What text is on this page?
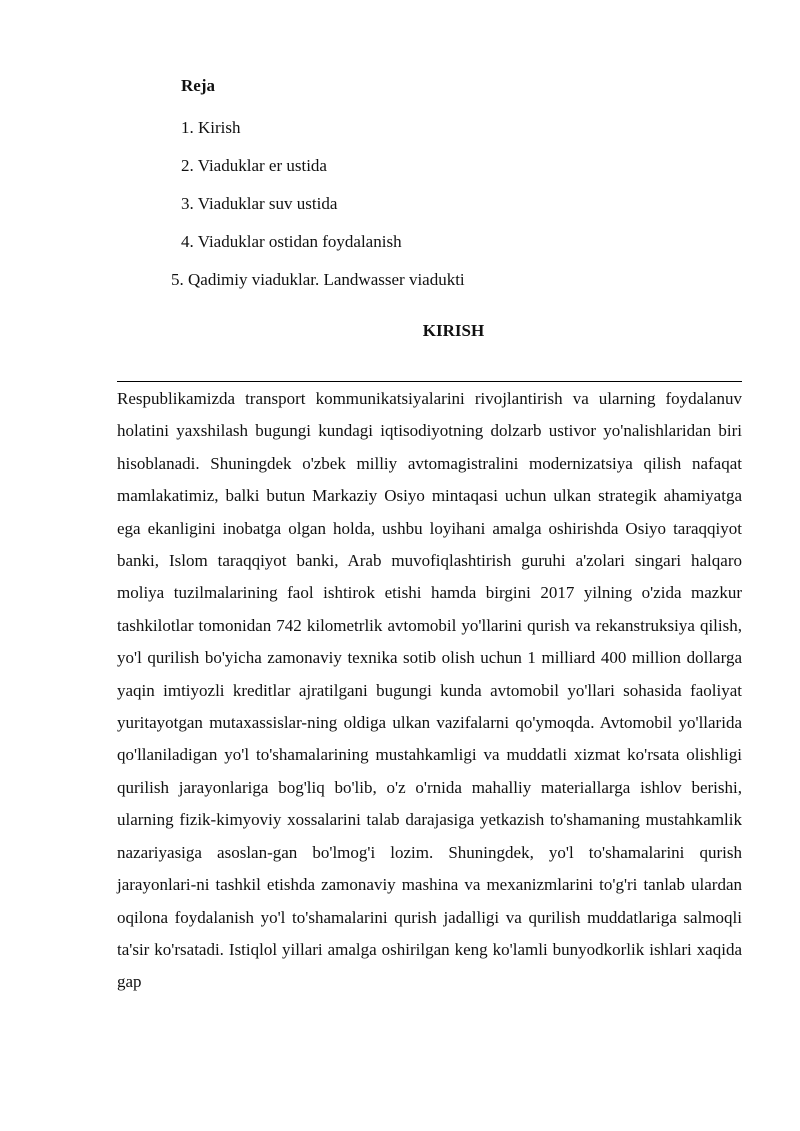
Reja

1. Kirish

2. Viaduklar er ustida

3. Viaduklar suv ustida

4. Viaduklar ostidan foydalanish

5. Qadimiy viaduklar. Landwasser viadukti

KIRISH

Respublikamizda transport kommunikatsiyalarini rivojlantirish va ularning foydalanuv holatini yaxshilash bugungi kundagi iqtisodiyotning dolzarb ustivor yo'nalishlaridan biri hisoblanadi. Shuningdek o'zbek milliy avtomagistralini modernizatsiya qilish nafaqat mamlakatimiz, balki butun Markaziy Osiyo mintaqasi uchun ulkan strategik ahamiyatga ega ekanligini inobatga olgan holda, ushbu loyihani amalga oshirishda Osiyo taraqqiyot banki, Islom taraqqiyot banki, Arab muvofiqlashtirish guruhi a'zolari singari halqaro moliya tuzilmalarining faol ishtirok etishi hamda birgini 2017 yilning o'zida mazkur tashkilotlar tomonidan 742 kilometrlik avtomobil yo'llarini qurish va rekanstruksiya qilish, yo'l qurilish bo'yicha zamonaviy texnika sotib olish uchun 1 milliard 400 million dollarga yaqin imtiyozli kreditlar ajratilgani bugungi kunda avtomobil yo'llari sohasida faoliyat yuritayotgan mutaxassislar-ning oldiga ulkan vazifalarni qo'ymoqda. Avtomobil yo'llarida qo'llaniladigan yo'l to'shamalarining mustahkamligi va muddatli xizmat ko'rsata olishligi qurilish jarayonlariga bog'liq bo'lib, o'z o'rnida mahalliy materiallarga ishlov berishi, ularning fizik-kimyoviy xossalarini talab darajasiga yetkazish to'shamaning mustahkamlik nazariyasiga asoslan-gan bo'lmog'i lozim. Shuningdek, yo'l to'shamalarini qurish jarayonlari-ni tashkil etishda zamonaviy mashina va mexanizmlarini to'g'ri tanlab ulardan oqilona foydalanish yo'l to'shamalarini qurish jadalligi va qurilish muddatlariga salmoqli ta'sir ko'rsatadi. Istiqlol yillari amalga oshirilgan keng ko'lamli bunyodkorlik ishlari xaqida gap
